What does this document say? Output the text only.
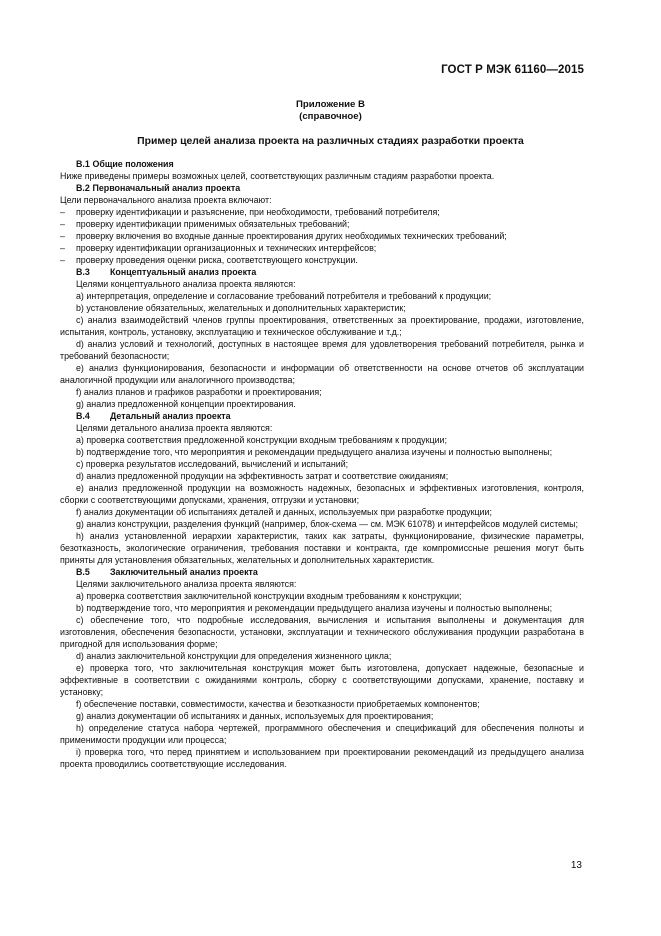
ГОСТ Р МЭК 61160—2015
Приложение В
(справочное)
Пример целей анализа проекта на различных стадиях разработки проекта

В.1 Общие положения

Ниже приведены примеры возможных целей, соответствующих различным стадиям разработки проекта.

В.2 Первоначальный анализ проекта

Цели первоначального анализа проекта включают:

– проверку идентификации и разъяснение, при необходимости, требований потребителя;

– проверку идентификации применимых обязательных требований;

– проверку включения во входные данные проектирования других необходимых технических требований;

– проверку идентификации организационных и технических интерфейсов;

– проверку проведения оценки риска, соответствующего конструкции.

В.3 Концептуальный анализ проекта

Целями концептуального анализа проекта являются:

а) интерпретация, определение и согласование требований потребителя и требований к продукции;

b) установление обязательных, желательных и дополнительных характеристик;

с) анализ взаимодействий членов группы проектирования, ответственных за проектирование, продажи, изготовление, испытания, контроль, установку, эксплуатацию и техническое обслуживание и т.д.;

d) анализ условий и технологий, доступных в настоящее время для удовлетворения требований потребителя, рынка и требований безопасности;

е) анализ функционирования, безопасности и информации об ответственности на основе отчетов об эксплуатации аналогичной продукции или аналогичного производства;

f) анализ планов и графиков разработки и проектирования;

g) анализ предложенной концепции проектирования.

В.4 Детальный анализ проекта

Целями детального анализа проекта являются:

а) проверка соответствия предложенной конструкции входным требованиям к продукции;

b) подтверждение того, что мероприятия и рекомендации предыдущего анализа изучены и полностью выполнены;

с) проверка результатов исследований, вычислений и испытаний;

d) анализ предложенной продукции на эффективность затрат и соответствие ожиданиям;

е) анализ предложенной продукции на возможность надежных, безопасных и эффективных изготовления, контроля, сборки с соответствующими допусками, хранения, отгрузки и установки;

f) анализ документации об испытаниях деталей и данных, используемых при разработке продукции;

g) анализ конструкции, разделения функций (например, блок-схема — см. МЭК 61078) и интерфейсов модулей системы;

h) анализ установленной иерархии характеристик, таких как затраты, функционирование, физические параметры, безотказность, экологические ограничения, требования поставки и контракта, где компромиссные решения могут быть приняты для установления обязательных, желательных и дополнительных характеристик.

В.5 Заключительный анализ проекта

Целями заключительного анализа проекта являются:

а) проверка соответствия заключительной конструкции входным требованиям к конструкции;

b) подтверждение того, что мероприятия и рекомендации предыдущего анализа изучены и полностью выполнены;

с) обеспечение того, что подробные исследования, вычисления и испытания выполнены и документация для изготовления, обеспечения безопасности, установки, эксплуатации и технического обслуживания продукции разработана в пригодной для использования форме;

d) анализ заключительной конструкции для определения жизненного цикла;

е) проверка того, что заключительная конструкция может быть изготовлена, допускает надежные, безопасные и эффективные в соответствии с ожиданиями контроль, сборку с соответствующими допусками, хранение, поставку и установку;

f) обеспечение поставки, совместимости, качества и безотказности приобретаемых компонентов;

g) анализ документации об испытаниях и данных, используемых для проектирования;

h) определение статуса набора чертежей, программного обеспечения и спецификаций для обеспечения полноты и применимости продукции или процесса;

i) проверка того, что перед принятием и использованием при проектировании рекомендаций из предыдущего анализа проекта проводились соответствующие исследования.

13
